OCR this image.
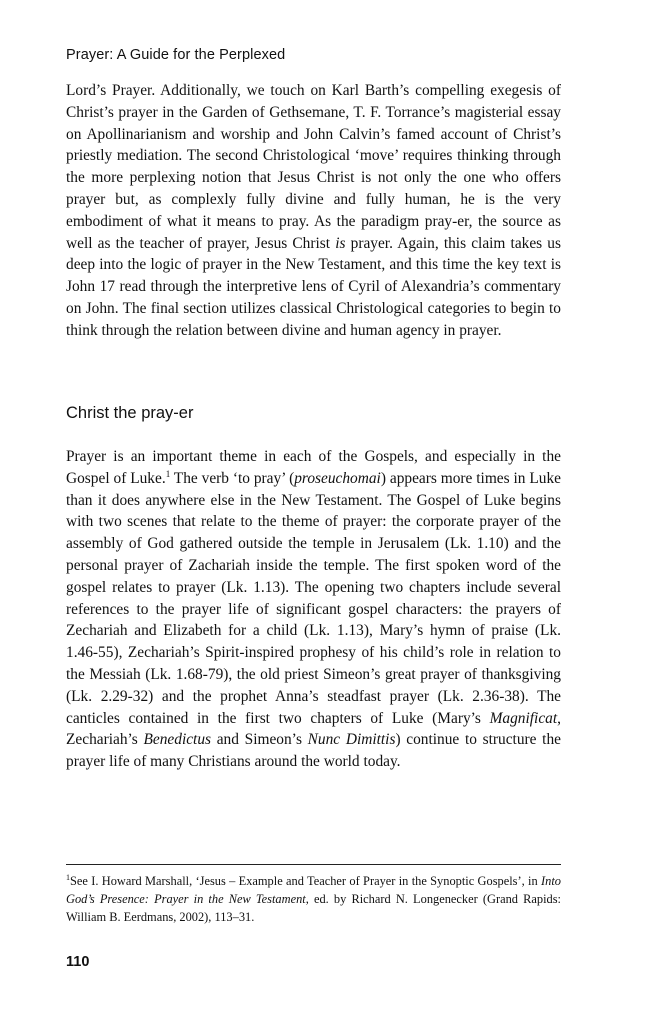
Prayer: A Guide for the Perplexed

Lord’s Prayer. Additionally, we touch on Karl Barth’s compelling exegesis of Christ’s prayer in the Garden of Gethsemane, T. F. Torrance’s magisterial essay on Apollinarianism and worship and John Calvin’s famed account of Christ’s priestly mediation. The second Christological ‘move’ requires thinking through the more perplexing notion that Jesus Christ is not only the one who offers prayer but, as complexly fully divine and fully human, he is the very embodiment of what it means to pray. As the paradigm pray-er, the source as well as the teacher of prayer, Jesus Christ is prayer. Again, this claim takes us deep into the logic of prayer in the New Testament, and this time the key text is John 17 read through the interpretive lens of Cyril of Alexandria’s commentary on John. The final section utilizes classical Christological categories to begin to think through the relation between divine and human agency in prayer.

Christ the pray-er

Prayer is an important theme in each of the Gospels, and especially in the Gospel of Luke.$^1$ The verb ‘to pray’ (proseuchomai) appears more times in Luke than it does anywhere else in the New Testament. The Gospel of Luke begins with two scenes that relate to the theme of prayer: the corporate prayer of the assembly of God gathered outside the temple in Jerusalem (Lk. 1.10) and the personal prayer of Zachariah inside the temple. The first spoken word of the gospel relates to prayer (Lk. 1.13). The opening two chapters include several references to the prayer life of significant gospel characters: the prayers of Zechariah and Elizabeth for a child (Lk. 1.13), Mary’s hymn of praise (Lk. 1.46-55), Zechariah’s Spirit-inspired prophesy of his child’s role in relation to the Messiah (Lk. 1.68-79), the old priest Simeon’s great prayer of thanksgiving (Lk. 2.29-32) and the prophet Anna’s steadfast prayer (Lk. 2.36-38). The canticles contained in the first two chapters of Luke (Mary’s Magnificat, Zechariah’s Benedictus and Simeon’s Nunc Dimittis) continue to structure the prayer life of many Christians around the world today.

$^1$See I. Howard Marshall, ‘Jesus – Example and Teacher of Prayer in the Synoptic Gospels’, in Into God’s Presence: Prayer in the New Testament, ed. by Richard N. Longenecker (Grand Rapids: William B. Eerdmans, 2002), 113–31.

110
